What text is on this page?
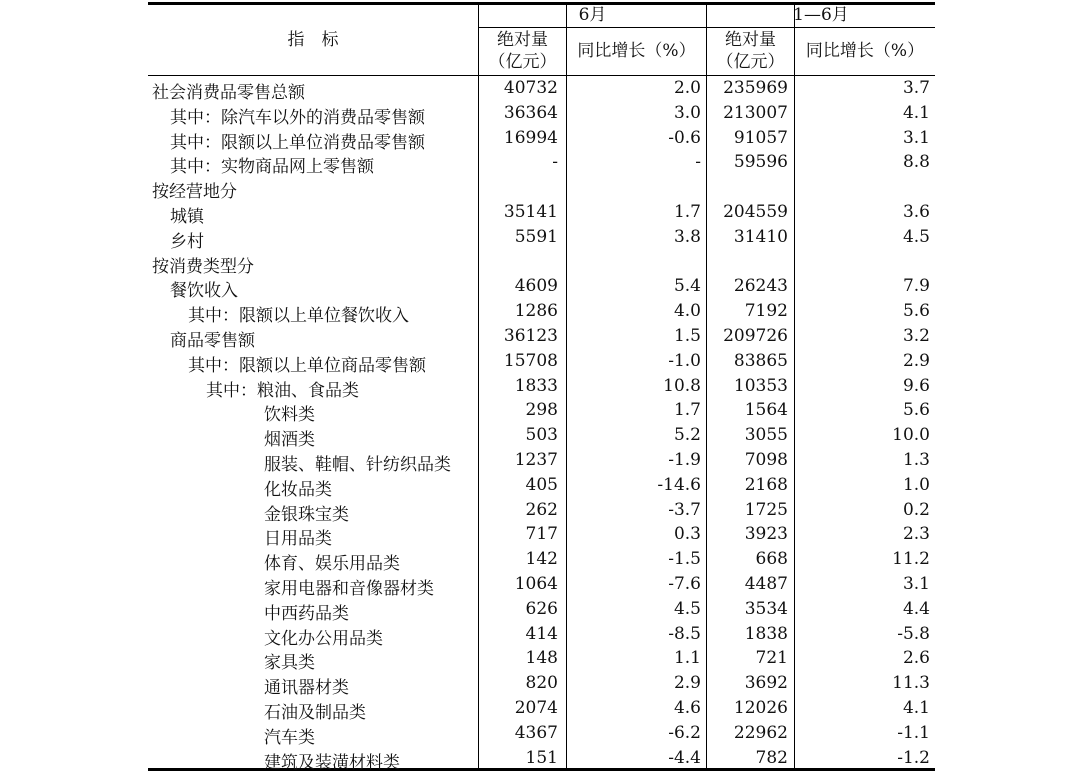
指　标
6月	1—6月
绝对量
（亿元）
同比增长（%）
绝对量
（亿元）
同比增长（%）
社会消费品零售总额	40732	2.0	235969	3.7
其中：除汽车以外的消费品零售额	36364	3.0	213007	4.1
其中：限额以上单位消费品零售额	16994	-0.6	91057	3.1
其中：实物商品网上零售额	-	-	59596	8.8
按经营地分
城镇	35141	1.7	204559	3.6
乡村	5591	3.8	31410	4.5
按消费类型分
餐饮收入	4609	5.4	26243	7.9
其中：限额以上单位餐饮收入	1286	4.0	7192	5.6
商品零售额	36123	1.5	209726	3.2
其中：限额以上单位商品零售额	15708	-1.0	83865	2.9
其中：粮油、食品类	1833	10.8	10353	9.6
饮料类	298	1.7	1564	5.6
烟酒类	503	5.2	3055	10.0
服装、鞋帽、针纺织品类	1237	-1.9	7098	1.3
化妆品类	405	-14.6	2168	1.0
金银珠宝类	262	-3.7	1725	0.2
日用品类	717	0.3	3923	2.3
体育、娱乐用品类	142	-1.5	668	11.2
家用电器和音像器材类	1064	-7.6	4487	3.1
中西药品类	626	4.5	3534	4.4
文化办公用品类	414	-8.5	1838	-5.8
家具类	148	1.1	721	2.6
通讯器材类	820	2.9	3692	11.3
石油及制品类	2074	4.6	12026	4.1
汽车类	4367	-6.2	22962	-1.1
建筑及装潢材料类	151	-4.4	782	-1.2
